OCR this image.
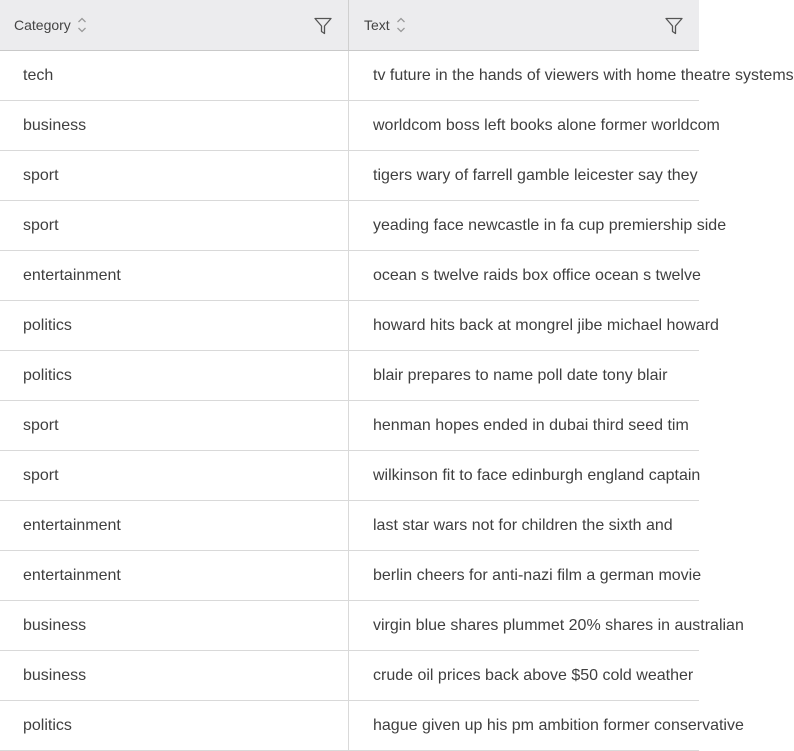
Category	Text
tech	tv future in the hands of viewers with home theatre systems
business	worldcom boss left books alone former worldcom
sport	tigers wary of farrell gamble leicester say they
sport	yeading face newcastle in fa cup premiership side
entertainment	ocean s twelve raids box office ocean s twelve
politics	howard hits back at mongrel jibe michael howard
politics	blair prepares to name poll date tony blair
sport	henman hopes ended in dubai third seed tim
sport	wilkinson fit to face edinburgh england captain
entertainment	last star wars not for children the sixth and
entertainment	berlin cheers for anti-nazi film a german movie
business	virgin blue shares plummet 20% shares in australian
business	crude oil prices back above $50 cold weather
politics	hague given up his pm ambition former conservative
